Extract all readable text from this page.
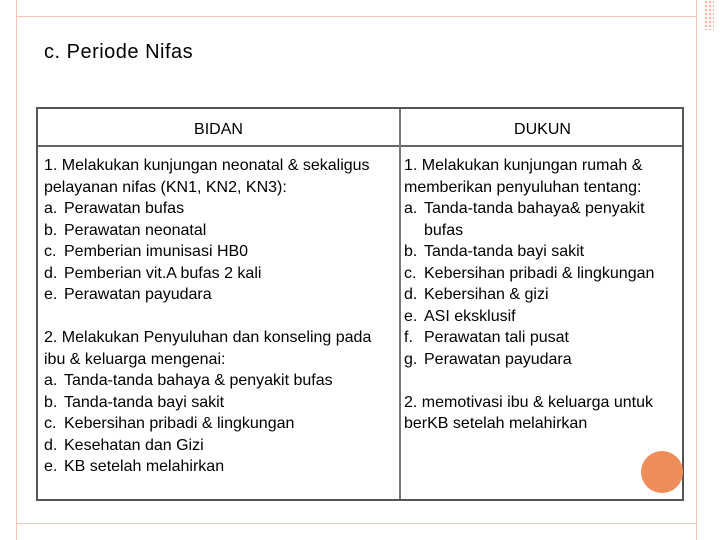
c. Periode Nifas
BIDAN	DUKUN
1. Melakukan kunjungan neonatal & sekaligus pelayanan nifas (KN1, KN2, KN3):
a. Perawatan bufas
b. Perawatan neonatal
c. Pemberian imunisasi HB0
d. Pemberian vit.A bufas 2 kali
e. Perawatan payudara
2. Melakukan Penyuluhan dan konseling pada ibu & keluarga mengenai:
a. Tanda-tanda bahaya & penyakit bufas
b. Tanda-tanda bayi sakit
c. Kebersihan pribadi & lingkungan
d. Kesehatan dan Gizi
e. KB setelah melahirkan
1. Melakukan kunjungan rumah & memberikan penyuluhan tentang:
a. Tanda-tanda bahaya& penyakit bufas
b. Tanda-tanda bayi sakit
c. Kebersihan pribadi & lingkungan
d. Kebersihan & gizi
e. ASI eksklusif
f. Perawatan tali pusat
g. Perawatan payudara
2. memotivasi ibu & keluarga untuk berKB setelah melahirkan
